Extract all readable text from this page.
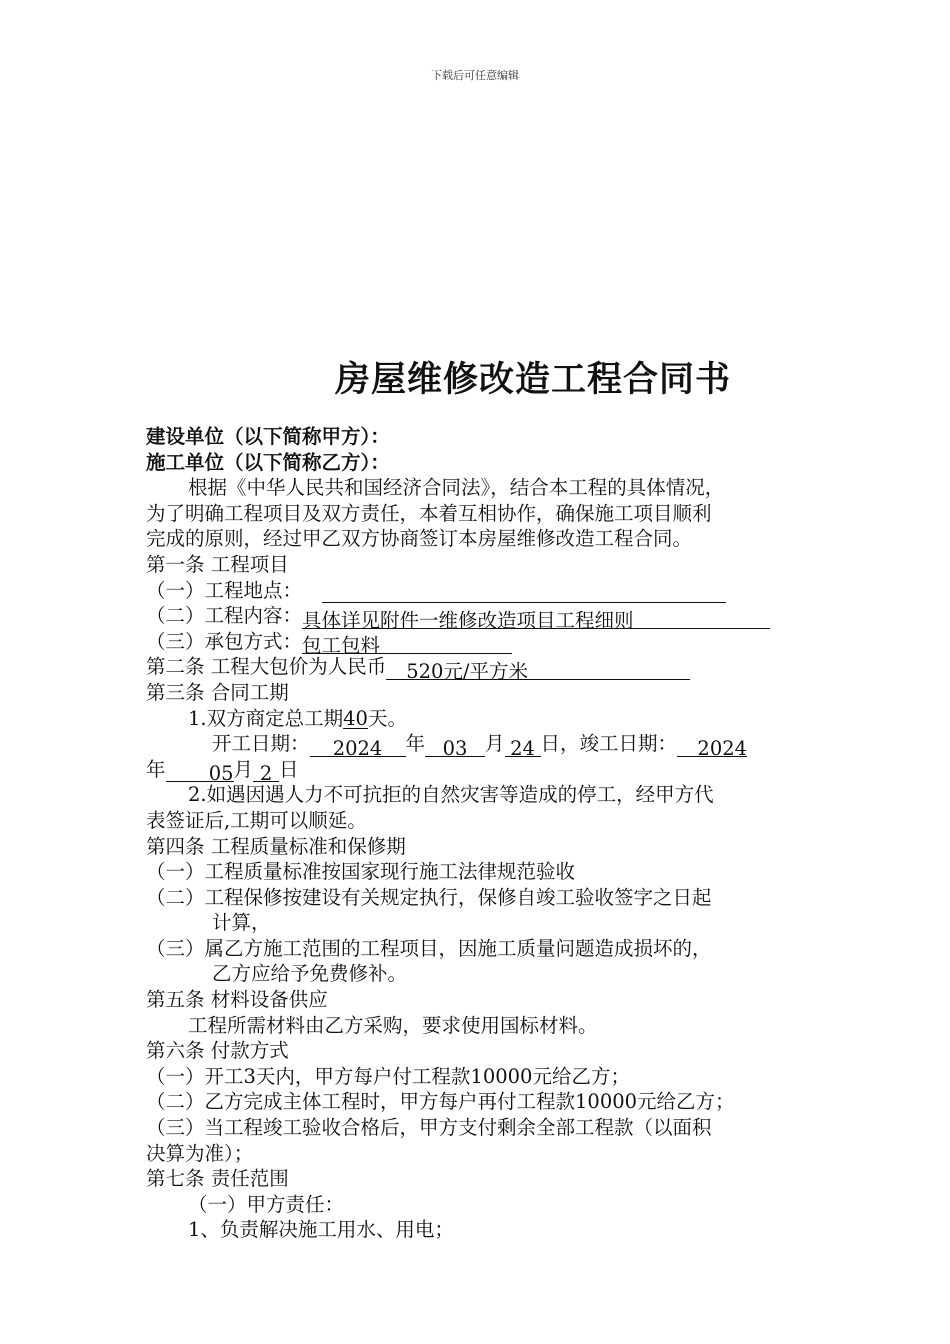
下载后可任意编辑
房屋维修改造工程合同书
建设单位（以下简称甲方）：
施工单位（以下简称乙方）：
根据《中华人民共和国经济合同法》，结合本工程的具体情况，
为了明确工程项目及双方责任，本着互相协作，确保施工项目顺利
完成的原则，经过甲乙双方协商签订本房屋维修改造工程合同。
第一条 工程项目
（一）工程地点：
（二）工程内容：具体详见附件一维修改造项目工程细则
（三）承包方式：包工包料
第二条 工程大包价为人民币 520元/平方米
第三条 合同工期
1.双方商定总工期40天。
开工日期： 2024 年 03 月 24 日，竣工日期： 2024
年 05月 2 日
2.如遇因遇人力不可抗拒的自然灾害等造成的停工，经甲方代
表签证后,工期可以顺延。
第四条 工程质量标准和保修期
（一）工程质量标准按国家现行施工法律规范验收
（二）工程保修按建设有关规定执行，保修自竣工验收签字之日起
计算，
（三）属乙方施工范围的工程项目，因施工质量问题造成损坏的，
乙方应给予免费修补。
第五条 材料设备供应
工程所需材料由乙方采购，要求使用国标材料。
第六条 付款方式
（一）开工3天内，甲方每户付工程款10000元给乙方；
（二）乙方完成主体工程时，甲方每户再付工程款10000元给乙方；
（三）当工程竣工验收合格后，甲方支付剩余全部工程款（以面积
决算为准）；
第七条 责任范围
（一）甲方责任：
1、负责解决施工用水、用电；
